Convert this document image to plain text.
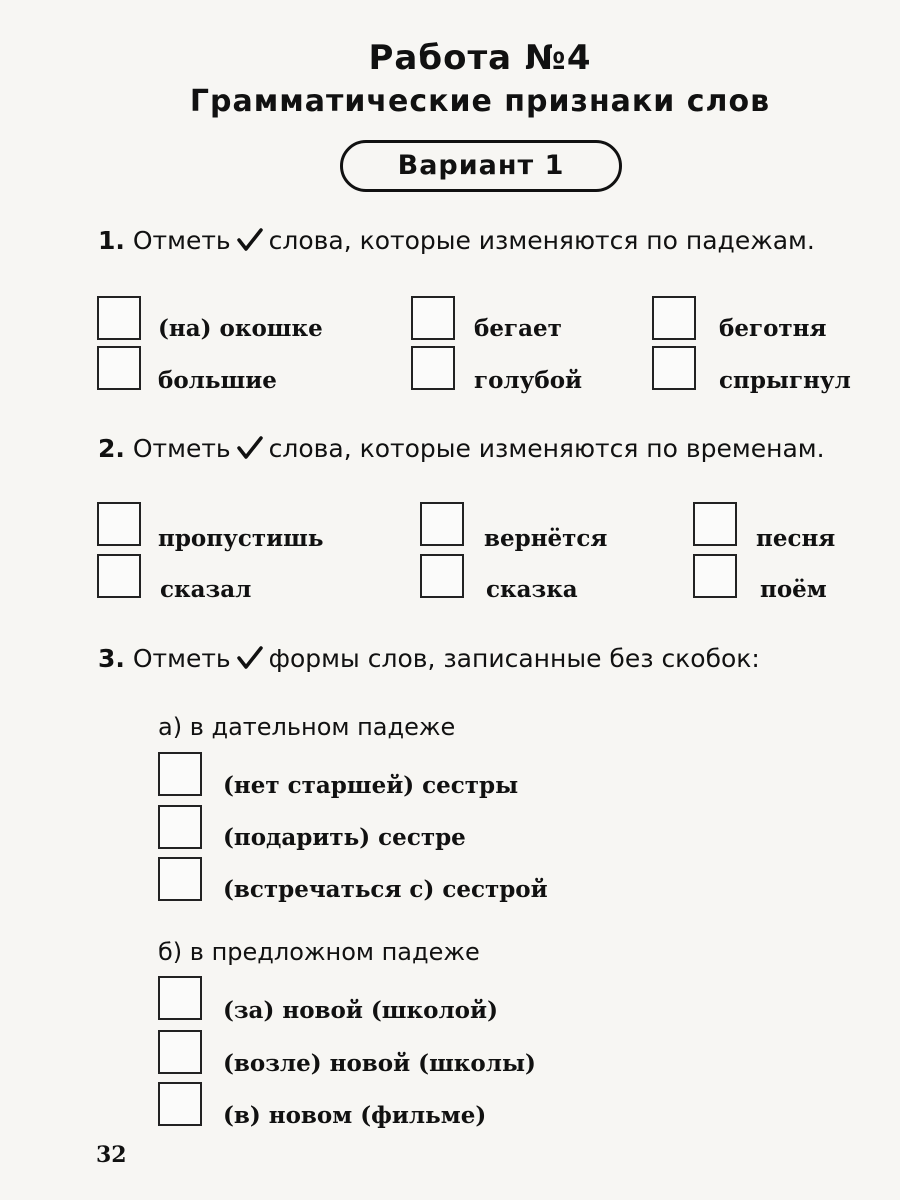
Работа №4
Грамматические признаки слов
Вариант 1
1. Отметь слова, которые изменяются по падежам.
(на) окошке	бегает	беготня
большие	голубой	спрыгнул
2. Отметь слова, которые изменяются по временам.
пропустишь	вернётся	песня
сказал	сказка	поём
3. Отметь формы слов, записанные без скобок:
а) в дательном падеже
(нет старшей) сестры
(подарить) сестре
(встречаться с) сестрой
б) в предложном падеже
(за) новой (школой)
(возле) новой (школы)
(в) новом (фильме)
32
